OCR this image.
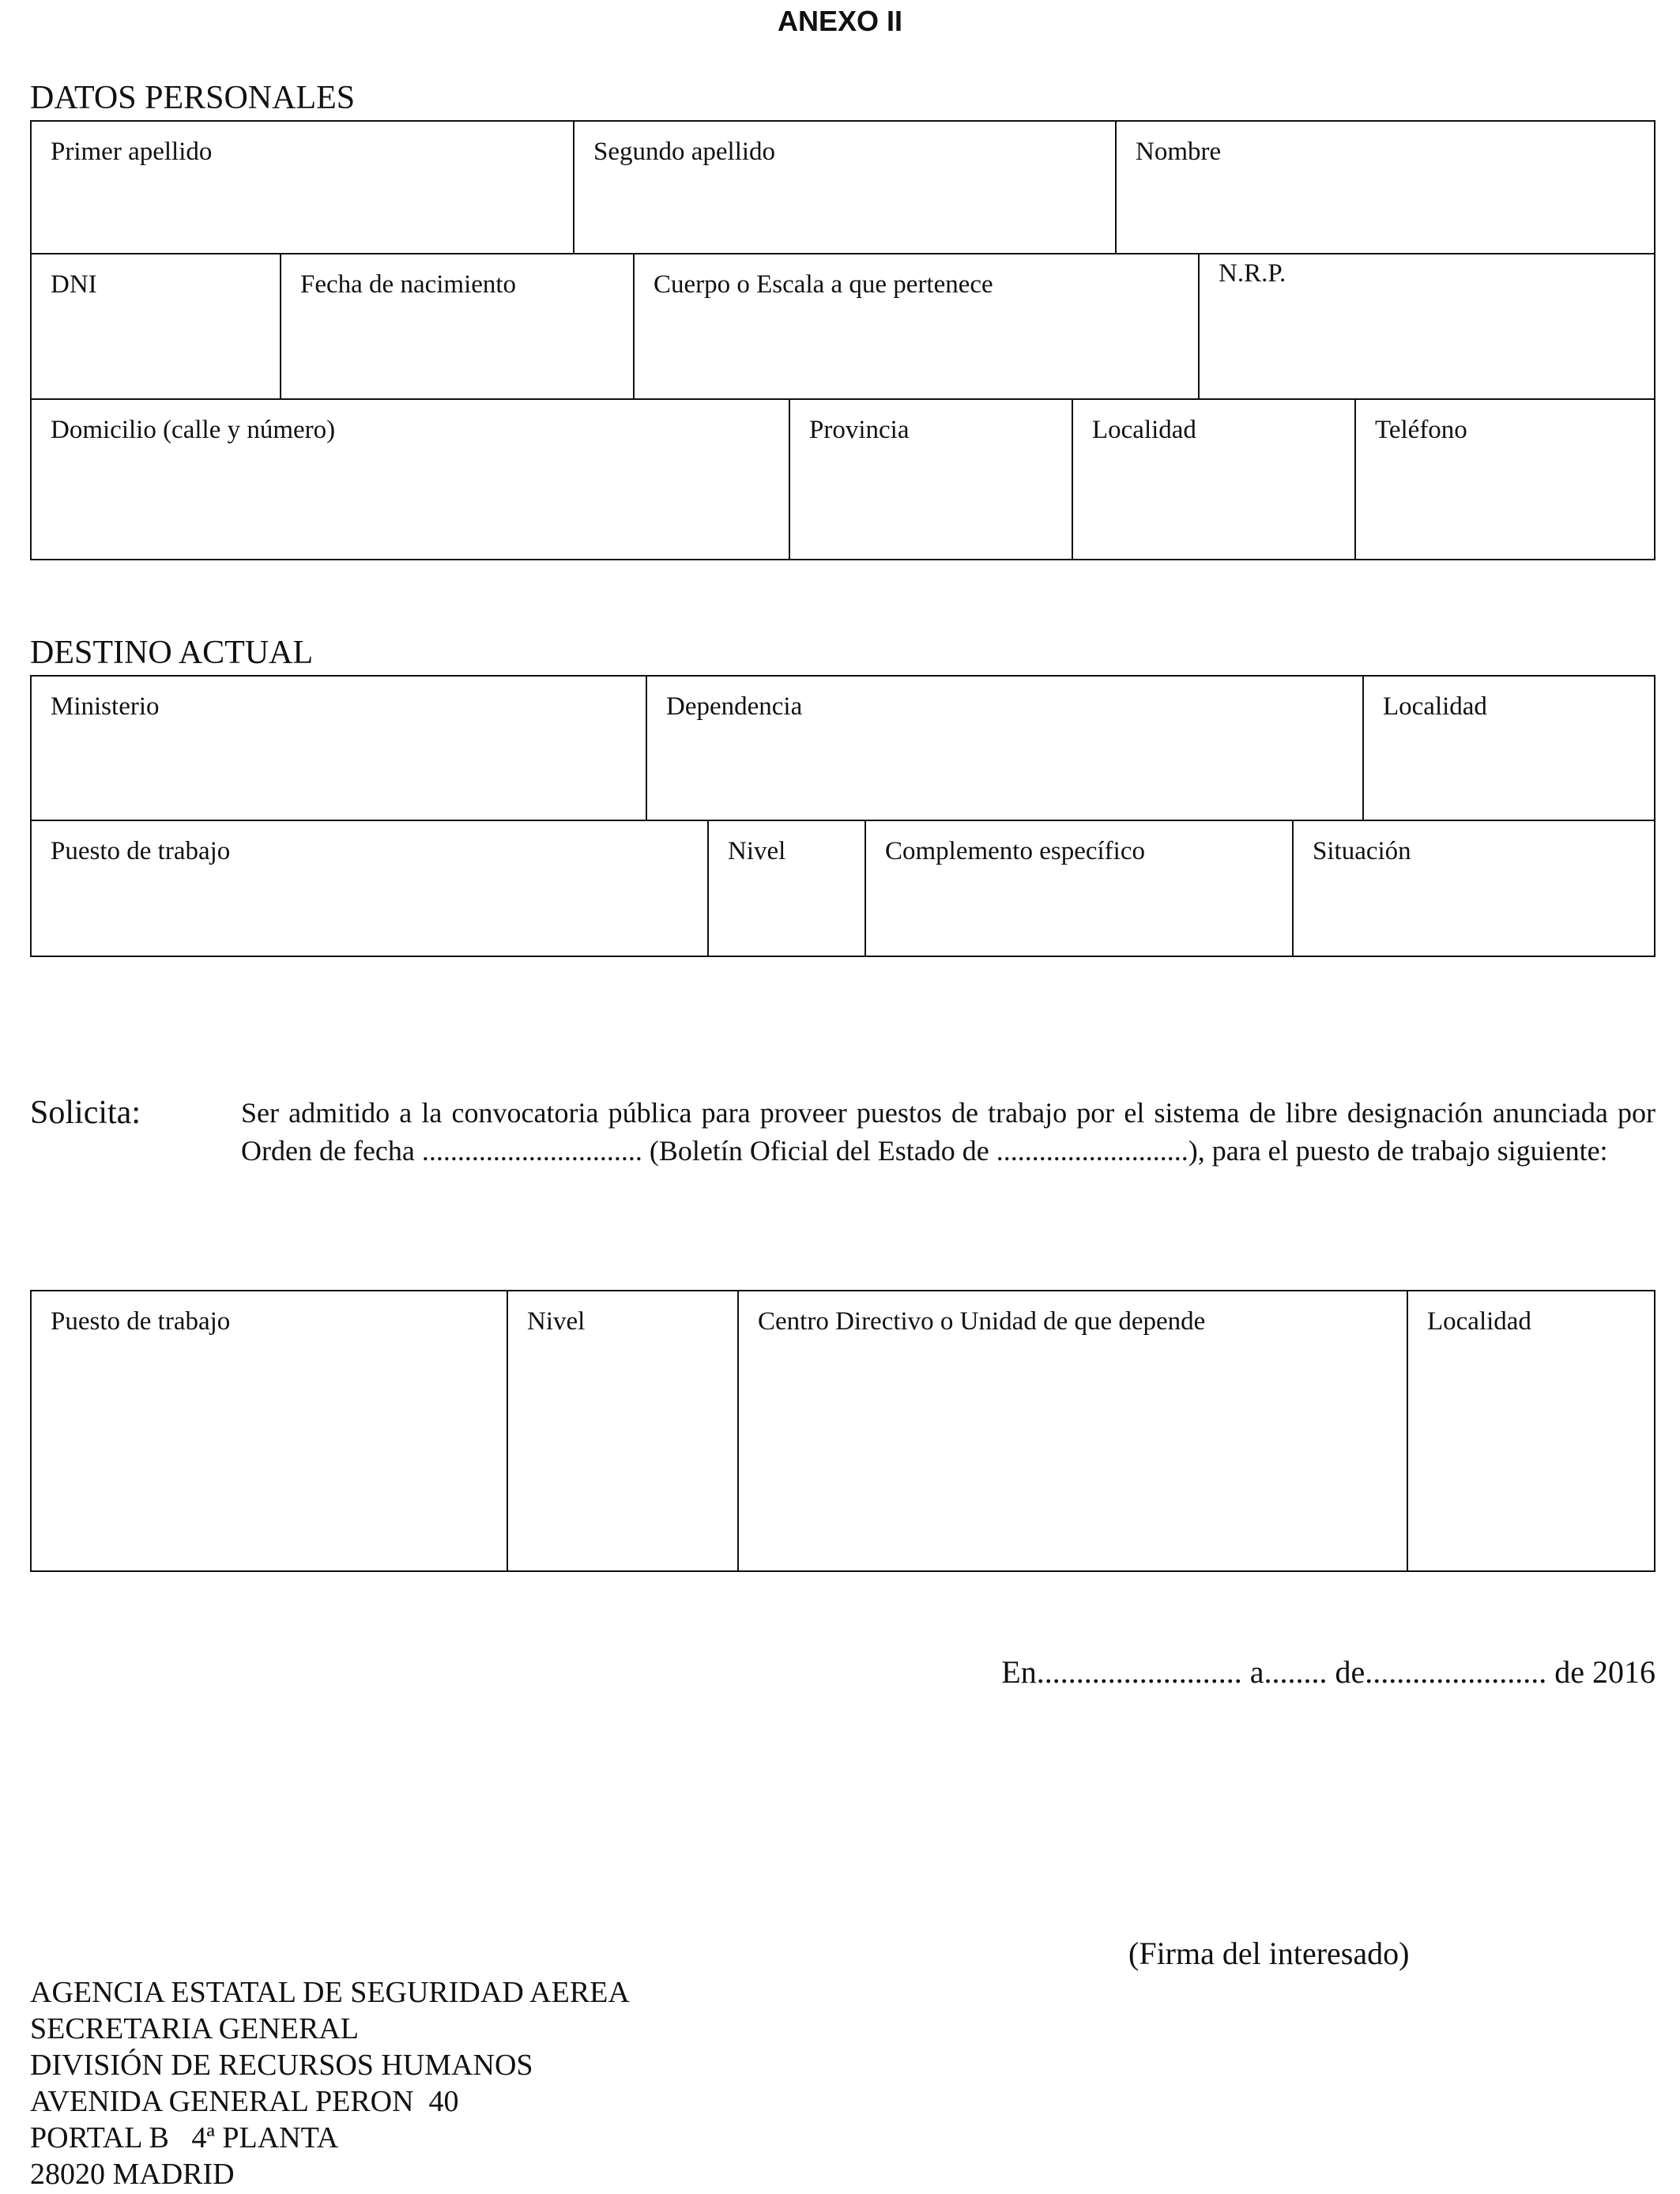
ANEXO II
DATOS PERSONALES
Primer apellido	Segundo apellido	Nombre
DNI	Fecha de nacimiento	Cuerpo o Escala a que pertenece	N.R.P.
Domicilio (calle y número)	Provincia	Localidad	Teléfono
DESTINO ACTUAL
Ministerio	Dependencia	Localidad
Puesto de trabajo	Nivel	Complemento específico	Situación
Solicita:	Ser admitido a la convocatoria pública para proveer puestos de trabajo por el sistema de libre designación anunciada por Orden de fecha ............................... (Boletín Oficial del Estado de ...........................), para el puesto de trabajo siguiente:
Puesto de trabajo	Nivel	Centro Directivo o Unidad de que depende	Localidad
En.......................... a........ de....................... de 2016
(Firma del interesado)
AGENCIA ESTATAL DE SEGURIDAD AEREA
SECRETARIA GENERAL
DIVISIÓN DE RECURSOS HUMANOS
AVENIDA GENERAL PERON  40
PORTAL B   4ª PLANTA
28020 MADRID
